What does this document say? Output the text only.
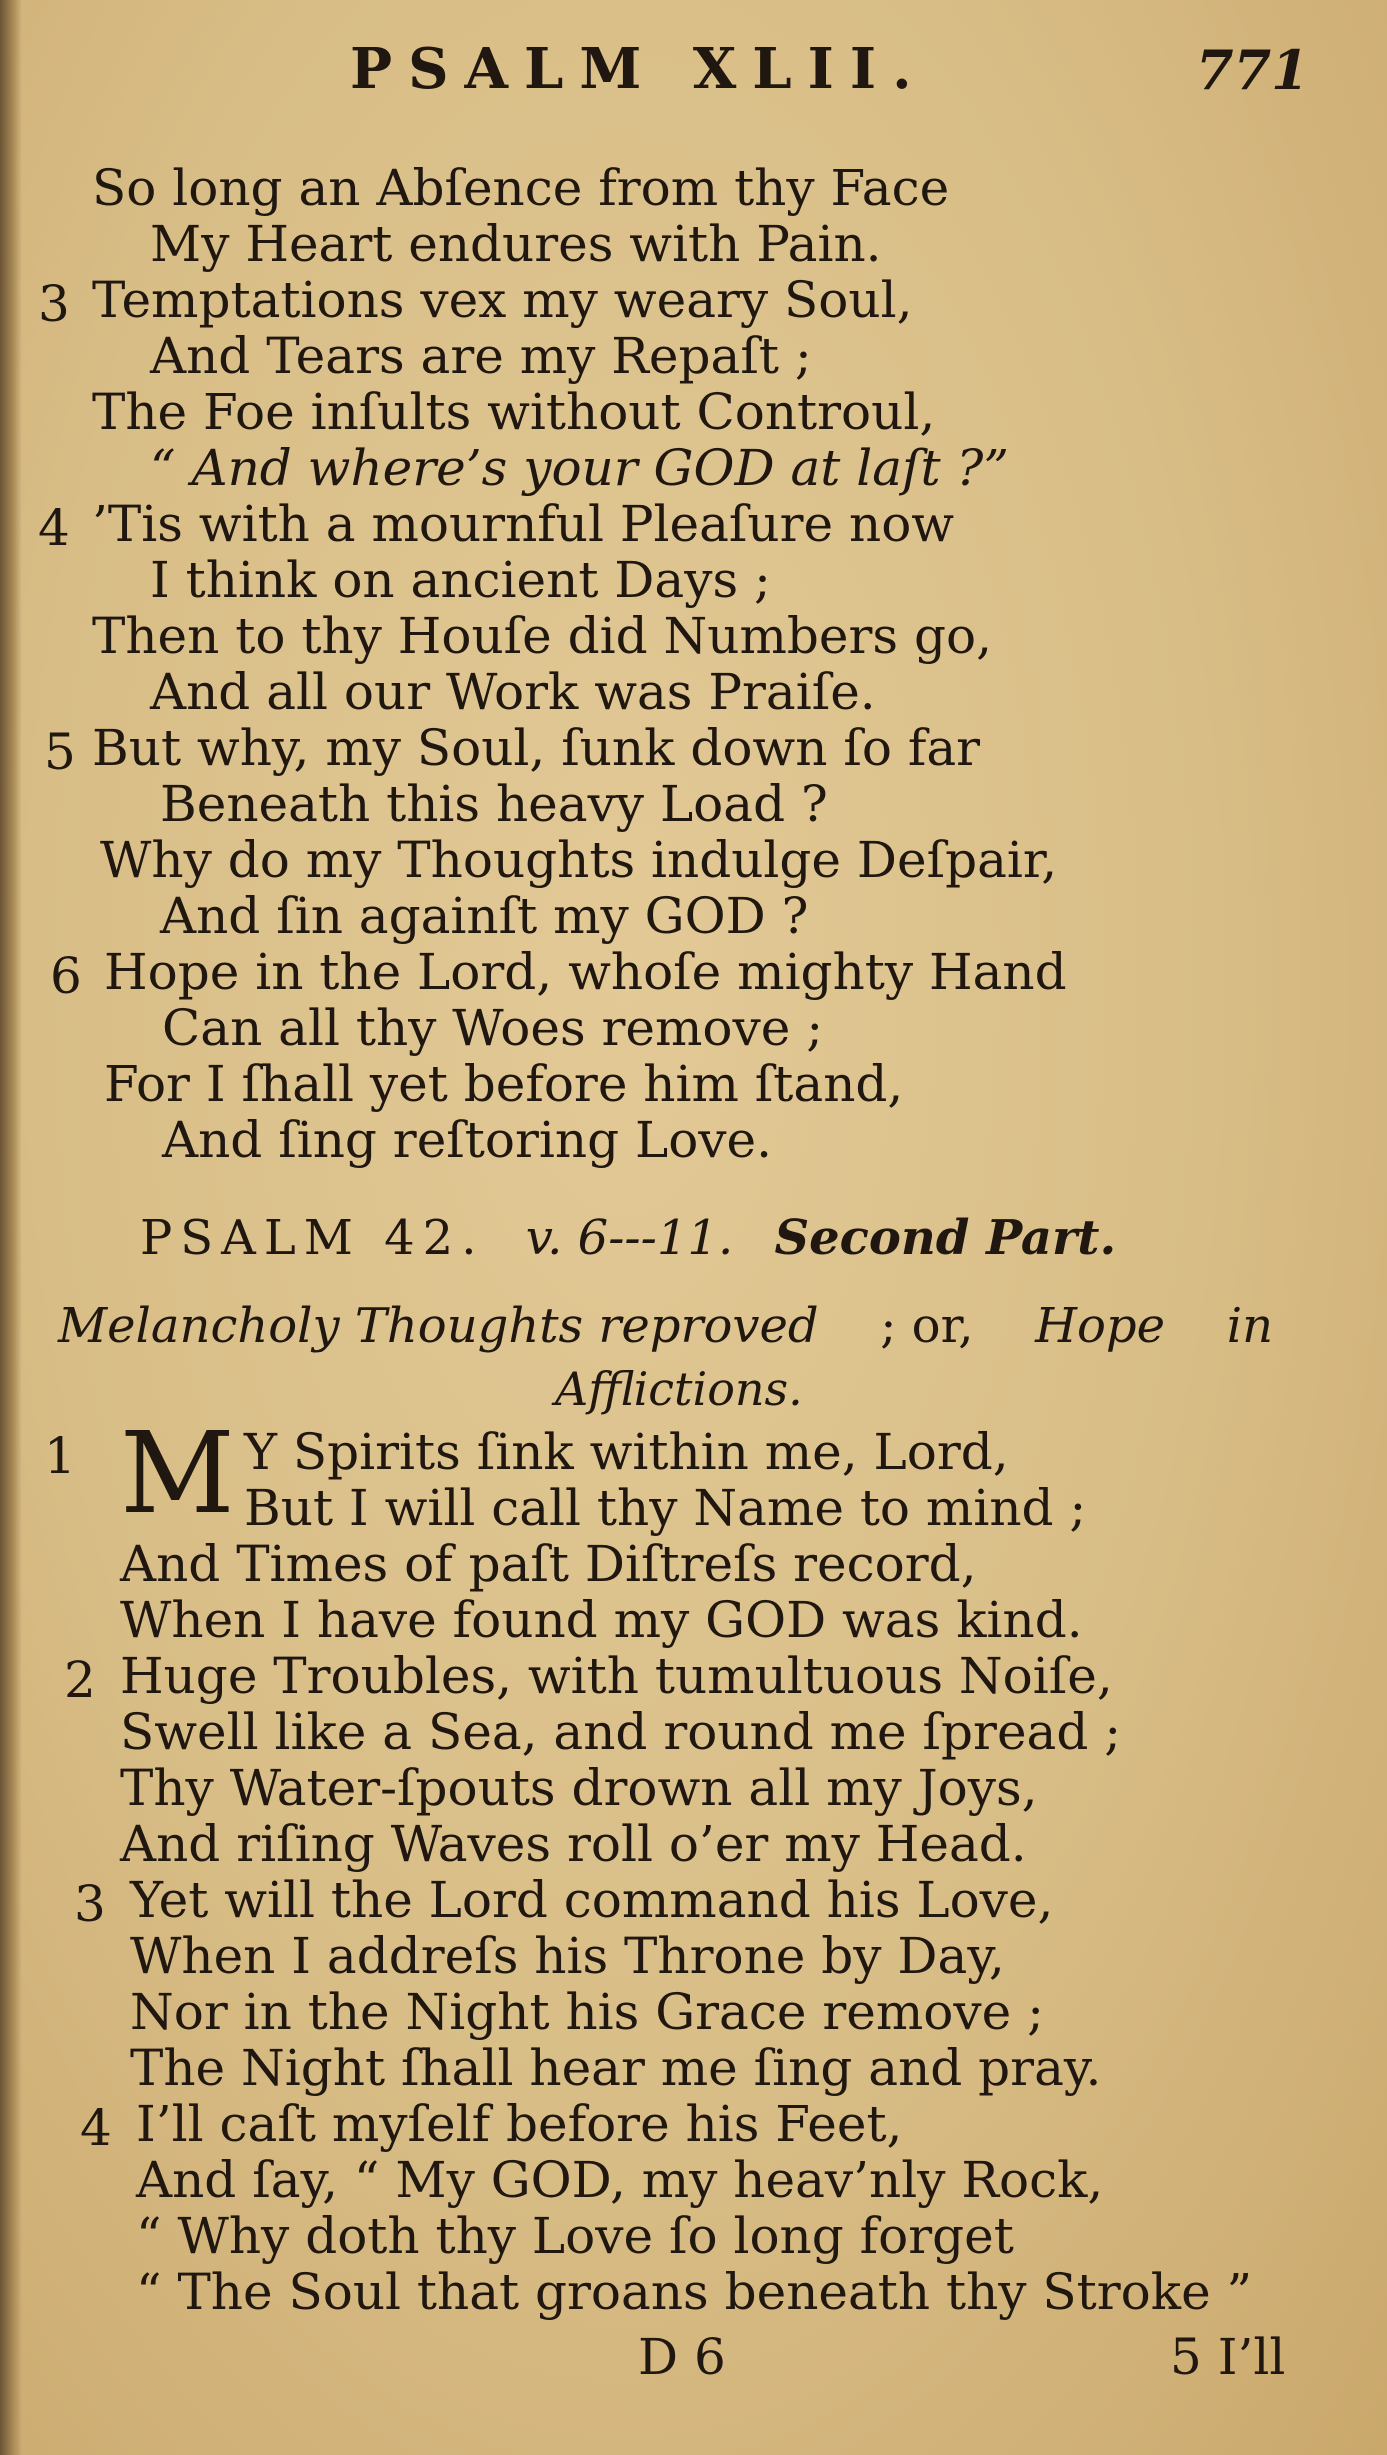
PSALM XLII.	771
So long an Abſence from thy Face
My Heart endures with Pain.
3 Temptations vex my weary Soul,
And Tears are my Repaſt ;
The Foe inſults without Controul,
“ And where’s your GOD at laſt ?”
4 ’Tis with a mournful Pleaſure now
I think on ancient Days ;
Then to thy Houſe did Numbers go,
And all our Work was Praiſe.
5 But why, my Soul, ſunk down ſo far
Beneath this heavy Load ?
Why do my Thoughts indulge Deſpair,
And ſin againſt my GOD ?
6 Hope in the Lord, whoſe mighty Hand
Can all thy Woes remove ;
For I ſhall yet before him ſtand,
And ſing reſtoring Love.
PSALM 42. v. 6---11. Second Part.
Melancholy Thoughts reproved ; or, Hope in
Afflictions.
1 M Y Spirits ſink within me, Lord,
But I will call thy Name to mind ;
And Times of paſt Diſtreſs record,
When I have found my GOD was kind.
2 Huge Troubles, with tumultuous Noiſe,
Swell like a Sea, and round me ſpread ;
Thy Water-ſpouts drown all my Joys,
And riſing Waves roll o’er my Head.
3 Yet will the Lord command his Love,
When I addreſs his Throne by Day,
Nor in the Night his Grace remove ;
The Night ſhall hear me ſing and pray.
4 I’ll caſt myſelf before his Feet,
And ſay, “ My GOD, my heav’nly Rock,
“ Why doth thy Love ſo long forget
“ The Soul that groans beneath thy Stroke ”
D 6	5 I’ll
